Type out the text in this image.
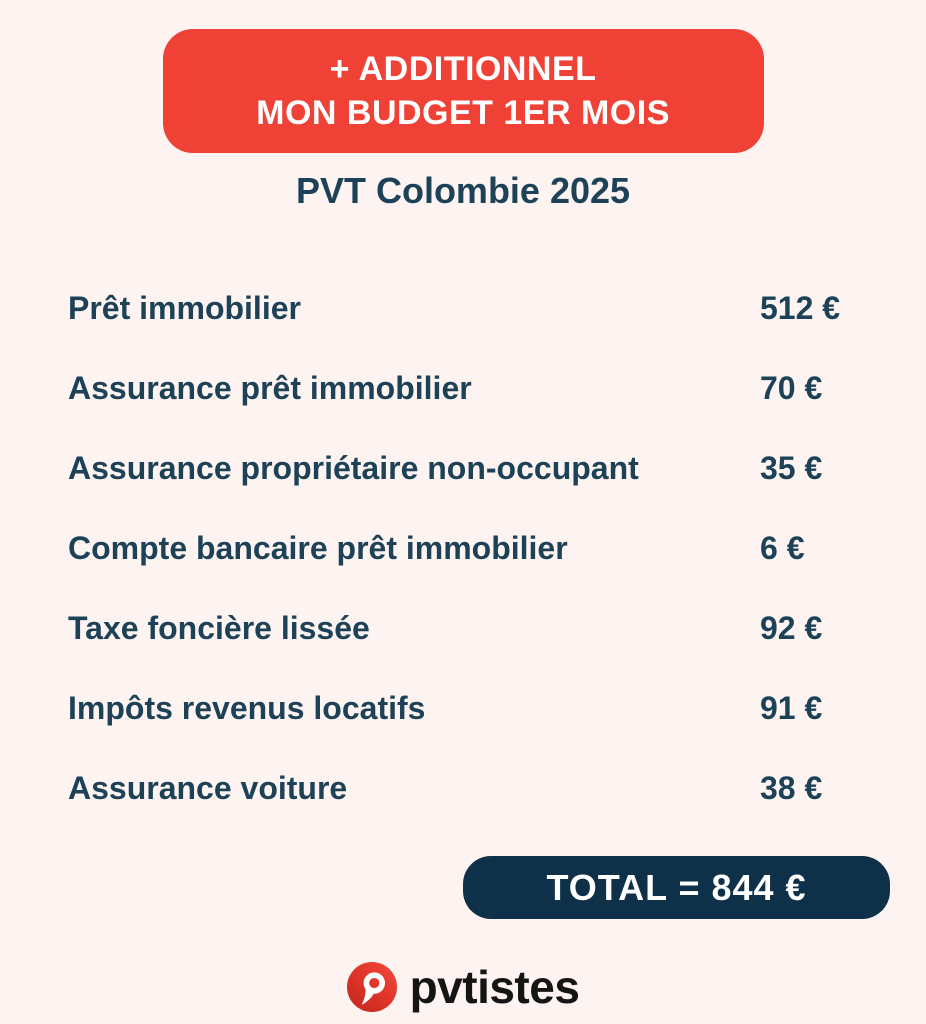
+ ADDITIONNEL
MON BUDGET 1ER MOIS
PVT Colombie 2025
Prêt immobilier	512 €
Assurance prêt immobilier	70 €
Assurance propriétaire non-occupant	35 €
Compte bancaire prêt immobilier	6 €
Taxe foncière lissée	92 €
Impôts revenus locatifs	91 €
Assurance voiture	38 €
TOTAL = 844 €
pvtistes
